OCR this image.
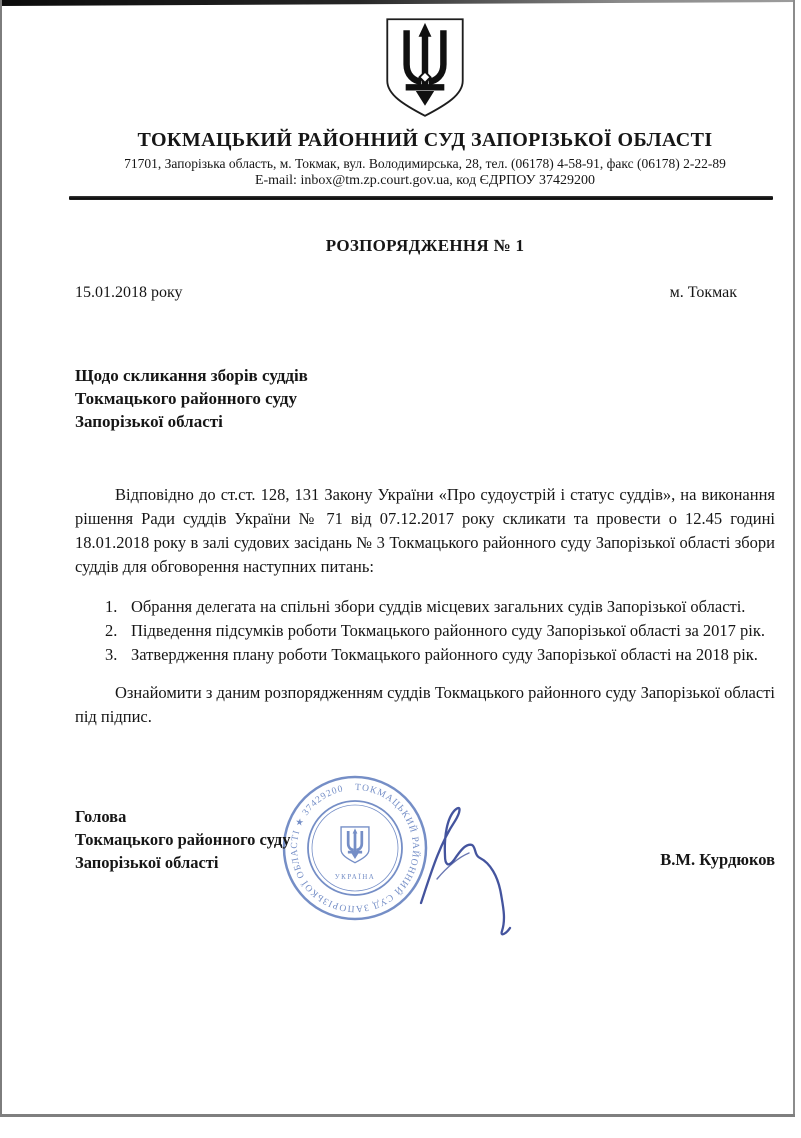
ТОКМАЦЬКИЙ РАЙОННИЙ СУД ЗАПОРІЗЬКОЇ ОБЛАСТІ
71701, Запорізька область, м. Токмак, вул. Володимирська, 28, тел. (06178) 4-58-91, факс (06178) 2-22-89
E-mail: inbox@tm.zp.court.gov.ua, код ЄДРПОУ 37429200
РОЗПОРЯДЖЕННЯ № 1
15.01.2018 року	м. Токмак
Щодо скликання зборів суддів
Токмацького районного суду
Запорізької області
Відповідно до ст.ст. 128, 131 Закону України «Про судоустрій і статус суддів», на виконання рішення Ради суддів України № 71 від 07.12.2017 року скликати та провести о 12.45 годині 18.01.2018 року в залі судових засідань № 3 Токмацького районного суду Запорізької області збори суддів для обговорення наступних питань:
1. Обрання делегата на спільні збори суддів місцевих загальних судів Запорізької області.
2. Підведення підсумків роботи Токмацького районного суду Запорізької області за 2017 рік.
3. Затвердження плану роботи Токмацького районного суду Запорізької області на 2018 рік.
Ознайомити з даним розпорядженням суддів Токмацького районного суду Запорізької області під підпис.
Голова
Токмацького районного суду
Запорізької області
ТОКМАЦЬКИЙ РАЙОННИЙ СУД ЗАПОРІЗЬКОЇ ОБЛАСТІ ★ 37429200
УКРАЇНА
В.М. Курдюков
